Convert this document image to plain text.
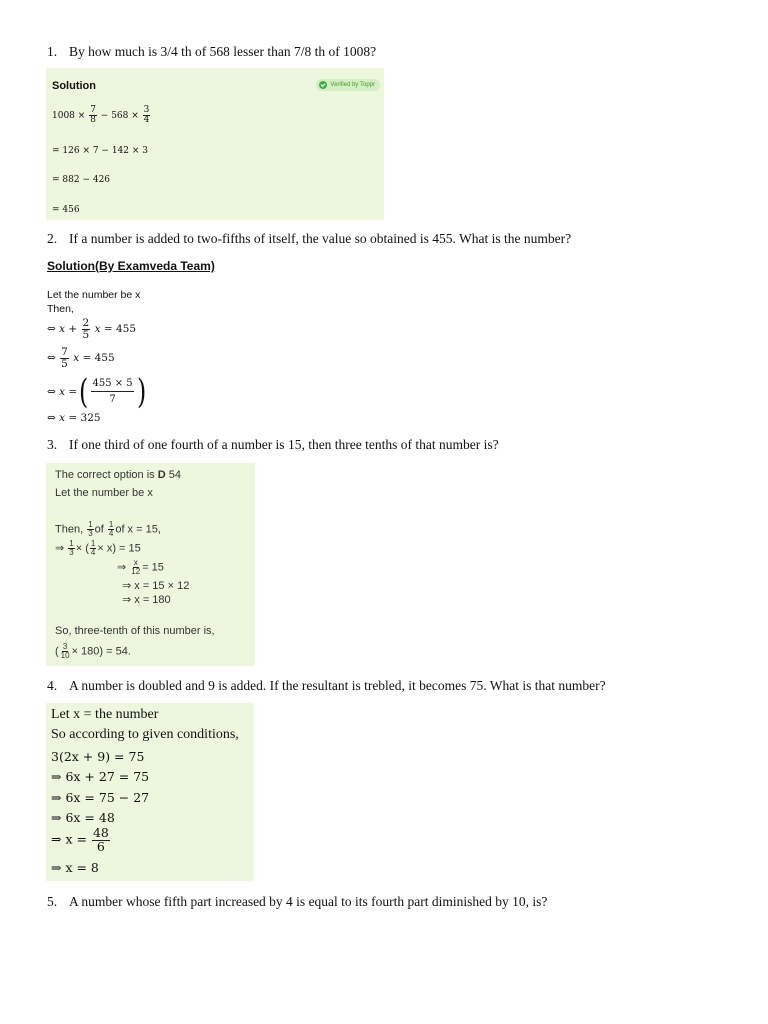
1. By how much is 3/4 th of 568 lesser than 7/8 th of 1008?
Solution	Verified by Toppr
$1008 \times \frac{7}{8} - 568 \times \frac{3}{4}$
= 126 × 7 − 142 × 3
= 882 − 426
= 456
2. If a number is added to two-fifths of itself, the value so obtained is 455. What is the number?
Solution(By Examveda Team)
Let the number be x
Then,
⇔ 𝑥 + $\frac{2}{5}$ 𝑥 = 455
⇔ $\frac{7}{5}$ 𝑥 = 455
⇔ 𝑥 = ( $\frac{455 \times 5}{7}$ )
⇔ 𝑥 = 325
3. If one third of one fourth of a number is 15, then three tenths of that number is?
The correct option is D 54
Let the number be x
Then, $\frac{1}{3}$ of $\frac{1}{4}$ of x = 15,
⇒ $\frac{1}{3}$ × ( $\frac{1}{4} \times x) = 15$
⇒ $\frac{x}{12} = 15$
⇒ x = 15 × 12
⇒ x = 180
So, three-tenth of this number is,
( $\frac{3}{10} \times 180) = 54$.
4. A number is doubled and 9 is added. If the resultant is trebled, it becomes 75. What is that number?
Let x = the number
So according to given conditions,
3(2x + 9) = 75
⇒ 6x + 27 = 75
⇒ 6x = 75 − 27
⇒ 6x = 48
⇒ $x = \frac{48}{6}$
⇒ x = 8
5. A number whose fifth part increased by 4 is equal to its fourth part diminished by 10, is?
